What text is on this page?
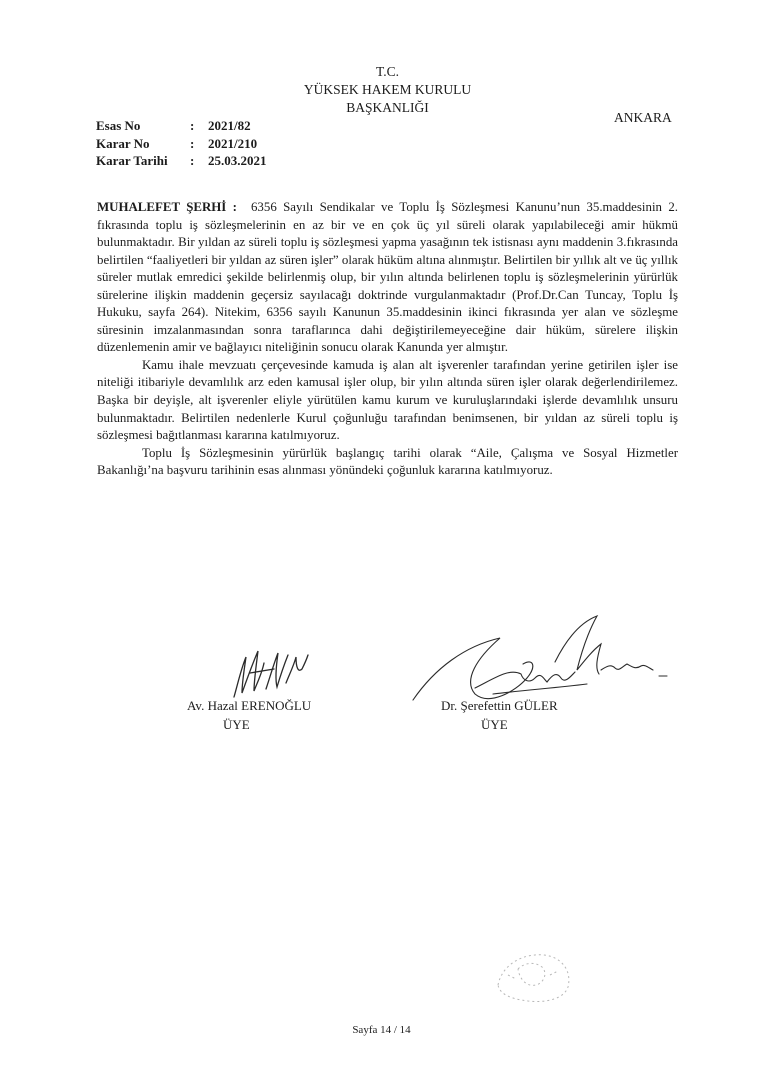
T.C.
YÜKSEK HAKEM KURULU
BAŞKANLIĞI
ANKARA
Esas No	: 2021/82
Karar No	: 2021/210
Karar Tarihi : 25.03.2021

MUHALEFET ŞERHİ : 6356 Sayılı Sendikalar ve Toplu İş Sözleşmesi Kanunu’nun 35.maddesinin 2. fıkrasında toplu iş sözleşmelerinin en az bir ve en çok üç yıl süreli olarak yapılabileceği amir hükmü bulunmaktadır. Bir yıldan az süreli toplu iş sözleşmesi yapma yasağının tek istisnası aynı maddenin 3.fıkrasında belirtilen “faaliyetleri bir yıldan az süren işler” olarak hüküm altına alınmıştır. Belirtilen bir yıllık alt ve üç yıllık süreler mutlak emredici şekilde belirlenmiş olup, bir yılın altında belirlenen toplu iş sözleşmelerinin yürürlük sürelerine ilişkin maddenin geçersiz sayılacağı doktrinde vurgulanmaktadır (Prof.Dr.Can Tuncay, Toplu İş Hukuku, sayfa 264). Nitekim, 6356 sayılı Kanunun 35.maddesinin ikinci fıkrasında yer alan ve sözleşme süresinin imzalanmasından sonra taraflarınca dahi değiştirilemeyeceğine dair hüküm, sürelere ilişkin düzenlemenin amir ve bağlayıcı niteliğinin sonucu olarak Kanunda yer almıştır.

Kamu ihale mevzuatı çerçevesinde kamuda iş alan alt işverenler tarafından yerine getirilen işler ise niteliği itibariyle devamlılık arz eden kamusal işler olup, bir yılın altında süren işler olarak değerlendirilemez. Başka bir deyişle, alt işverenler eliyle yürütülen kamu kurum ve kuruluşlarındaki işlerde devamlılık unsuru bulunmaktadır. Belirtilen nedenlerle Kurul çoğunluğu tarafından benimsenen, bir yıldan az süreli toplu iş sözleşmesi bağıtlanması kararına katılmıyoruz.

Toplu İş Sözleşmesinin yürürlük başlangıç tarihi olarak “Aile, Çalışma ve Sosyal Hizmetler Bakanlığı’na başvuru tarihinin esas alınması yönündeki çoğunluk kararına katılmıyoruz.

Av. Hazal ERENOĞLU
ÜYE
Dr. Şerefettin GÜLER
ÜYE
Sayfa 14 / 14
